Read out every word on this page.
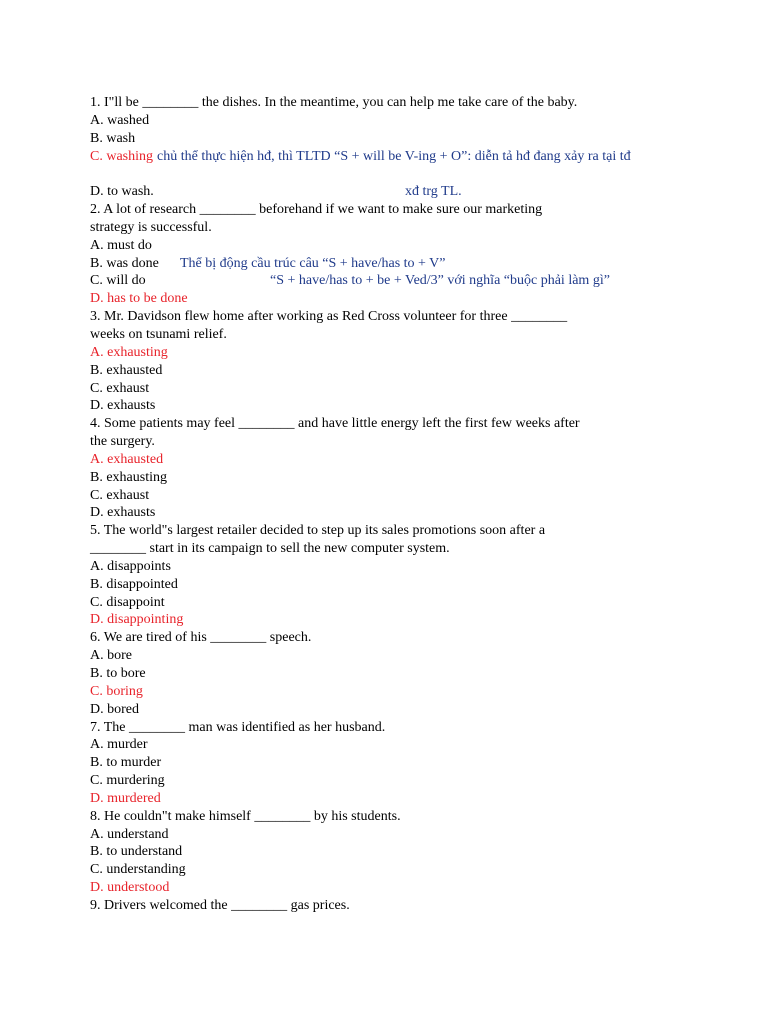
1. I"ll be ________ the dishes. In the meantime, you can help me take care of the baby.
A. washed
B. wash
C. washing chủ thể thực hiện hđ, thì TLTD “S + will be V-ing + O”: diễn tả hđ đang xảy ra tại tđ
D. to wash.	xđ trg TL.
2. A lot of research ________ beforehand if we want to make sure our marketing
strategy is successful.
A. must do
B. was done Thể bị động cầu trúc câu “S + have/has to + V”
C. will do	“S + have/has to + be + Ved/3” với nghĩa “buộc phải làm gì”
D. has to be done
3. Mr. Davidson flew home after working as Red Cross volunteer for three ________
weeks on tsunami relief.
A. exhausting
B. exhausted
C. exhaust
D. exhausts
4. Some patients may feel ________ and have little energy left the first few weeks after
the surgery.
A. exhausted
B. exhausting
C. exhaust
D. exhausts
5. The world"s largest retailer decided to step up its sales promotions soon after a
________ start in its campaign to sell the new computer system.
A. disappoints
B. disappointed
C. disappoint
D. disappointing
6. We are tired of his ________ speech.
A. bore
B. to bore
C. boring
D. bored
7. The ________ man was identified as her husband.
A. murder
B. to murder
C. murdering
D. murdered
8. He couldn"t make himself ________ by his students.
A. understand
B. to understand
C. understanding
D. understood
9. Drivers welcomed the ________ gas prices.
